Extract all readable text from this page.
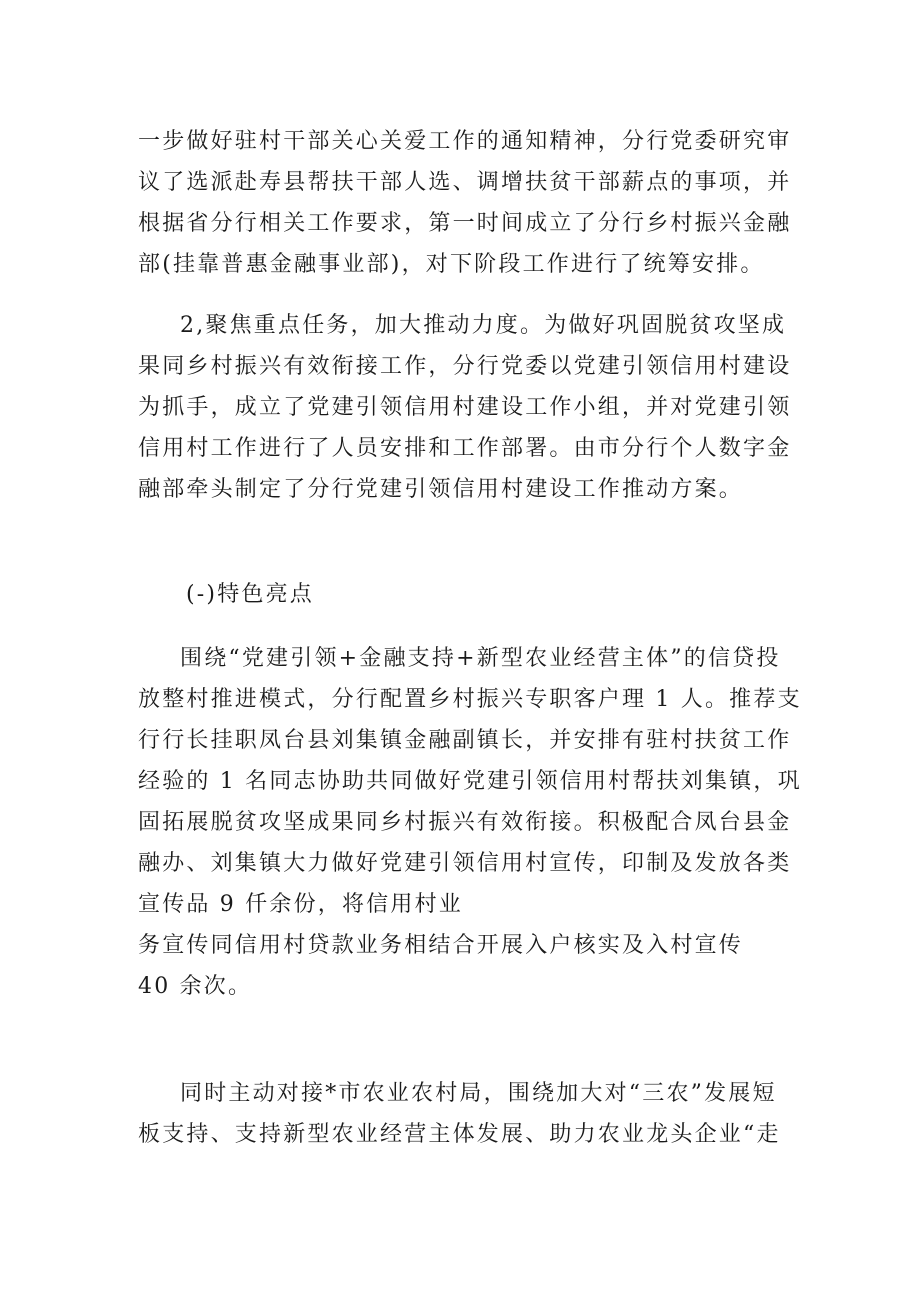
一步做好驻村干部关心关爱工作的通知精神，分行党委研究审
议了选派赴寿县帮扶干部人选、调增扶贫干部薪点的事项，并
根据省分行相关工作要求，第一时间成立了分行乡村振兴金融
部(挂靠普惠金融事业部)，对下阶段工作进行了统筹安排。
2,聚焦重点任务，加大推动力度。为做好巩固脱贫攻坚成
果同乡村振兴有效衔接工作，分行党委以党建引领信用村建设
为抓手，成立了党建引领信用村建设工作小组，并对党建引领
信用村工作进行了人员安排和工作部署。由市分行个人数字金
融部牵头制定了分行党建引领信用村建设工作推动方案。
(-)特色亮点
围绕“党建引领+金融支持+新型农业经营主体”的信贷投
放整村推进模式，分行配置乡村振兴专职客户理 1 人。推荐支
行行长挂职凤台县刘集镇金融副镇长，并安排有驻村扶贫工作
经验的 1 名同志协助共同做好党建引领信用村帮扶刘集镇，巩
固拓展脱贫攻坚成果同乡村振兴有效衔接。积极配合凤台县金
融办、刘集镇大力做好党建引领信用村宣传，印制及发放各类
宣传品 9 仟余份，将信用村业
务宣传同信用村贷款业务相结合开展入户核实及入村宣传
40 余次。
同时主动对接*市农业农村局，围绕加大对“三农”发展短
板支持、支持新型农业经营主体发展、助力农业龙头企业“走
